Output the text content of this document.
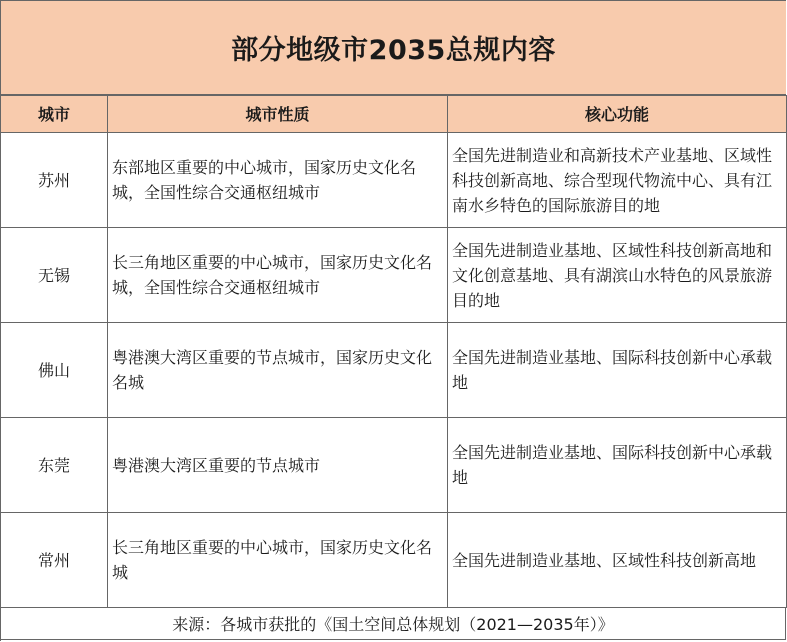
部分地级市2035总规内容
城市	城市性质	核心功能
苏州	东部地区重要的中心城市，国家历史文化名城，全国性综合交通枢纽城市	全国先进制造业和高新技术产业基地、区域性科技创新高地、综合型现代物流中心、具有江南水乡特色的国际旅游目的地
无锡	长三角地区重要的中心城市，国家历史文化名城，全国性综合交通枢纽城市	全国先进制造业基地、区域性科技创新高地和文化创意基地、具有湖滨山水特色的风景旅游目的地
佛山	粤港澳大湾区重要的节点城市，国家历史文化名城	全国先进制造业基地、国际科技创新中心承载地
东莞	粤港澳大湾区重要的节点城市	全国先进制造业基地、国际科技创新中心承载地
常州	长三角地区重要的中心城市，国家历史文化名城	全国先进制造业基地、区域性科技创新高地
来源：各城市获批的《国土空间总体规划（2021—2035年）》
